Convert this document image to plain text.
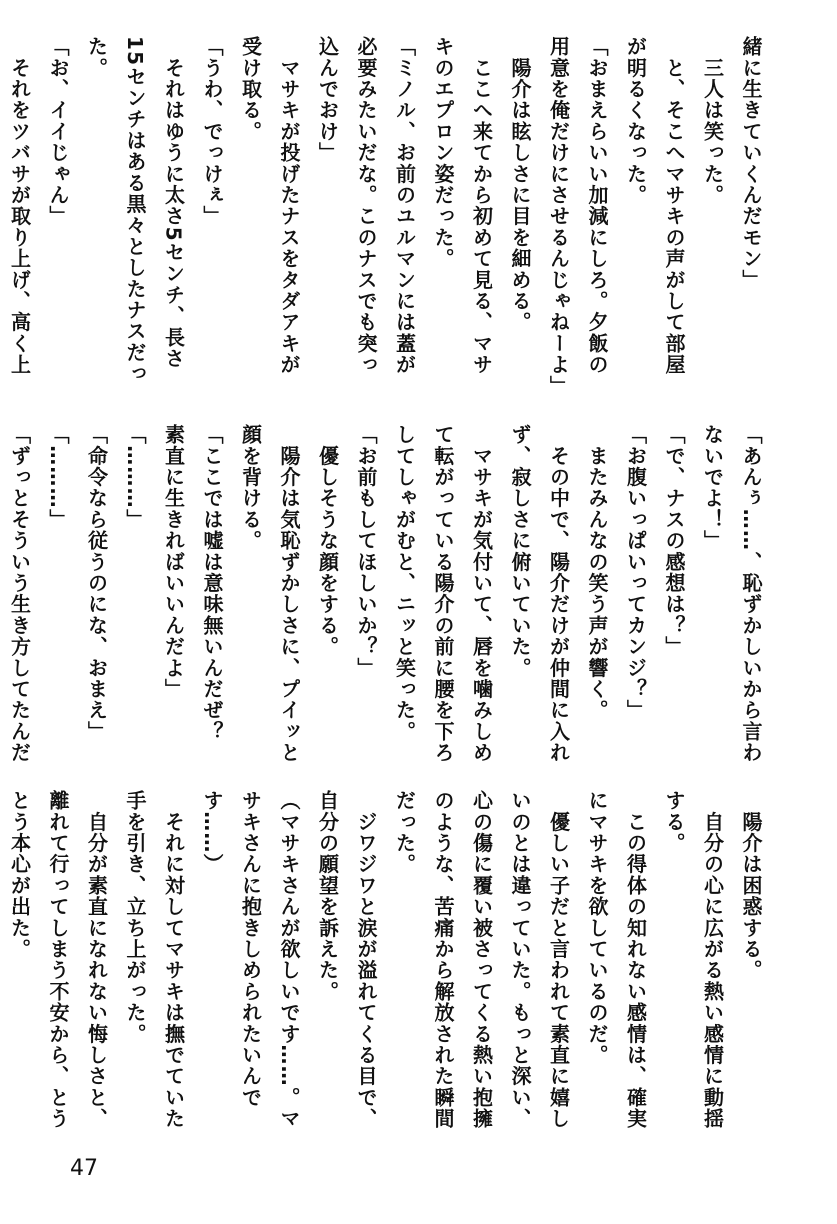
緒に生きていくんだモン」

　三人は笑った。

　と、そこへマサキの声がして部屋が明るくなった。

「おまえらいい加減にしろ。夕飯の用意を俺だけにさせるんじゃねーよ」

　陽介は眩しさに目を細める。

　ここへ来てから初めて見る、マサキのエプロン姿だった。

「ミノル、お前のユルマンには蓋が必要みたいだな。このナスでも突っ込んでおけ」

　マサキが投げたナスをタダアキが受け取る。

「うわ、でっけぇ」

　それはゆうに太さ5センチ、長さ15センチはある黒々としたナスだった。

「お、イイじゃん」

　それをツバサが取り上げ、高く上

「あんぅ……、恥ずかしいから言わないでよ！」

「で、ナスの感想は？」

「お腹いっぱいってカンジ？」

　またみんなの笑う声が響く。

　その中で、陽介だけが仲間に入れず、寂しさに俯いていた。

　マサキが気付いて、唇を噛みしめて転がっている陽介の前に腰を下ろしてしゃがむと、ニッと笑った。

「お前もしてほしいか？」

　優しそうな顔をする。

　陽介は気恥ずかしさに、プイッと顔を背ける。

「ここでは嘘は意味無いんだぜ？　素直に生きればいいんだよ」

「………」

「命令なら従うのにな、おまえ」

「………」

「ずっとそういう生き方してたんだ

　陽介は困惑する。

　自分の心に広がる熱い感情に動揺する。

　この得体の知れない感情は、確実にマサキを欲しているのだ。

　優しい子だと言われて素直に嬉しいのとは違っていた。もっと深い、心の傷に覆い被さってくる熱い抱擁のような、苦痛から解放された瞬間だった。

　ジワジワと涙が溢れてくる目で、自分の願望を訴えた。

（マサキさんが欲しいです……。マサキさんに抱きしめられたいんです……）

　それに対してマサキは撫でていた手を引き、立ち上がった。

　自分が素直になれない悔しさと、離れて行ってしまう不安から、とうとう本心が出た。

47
